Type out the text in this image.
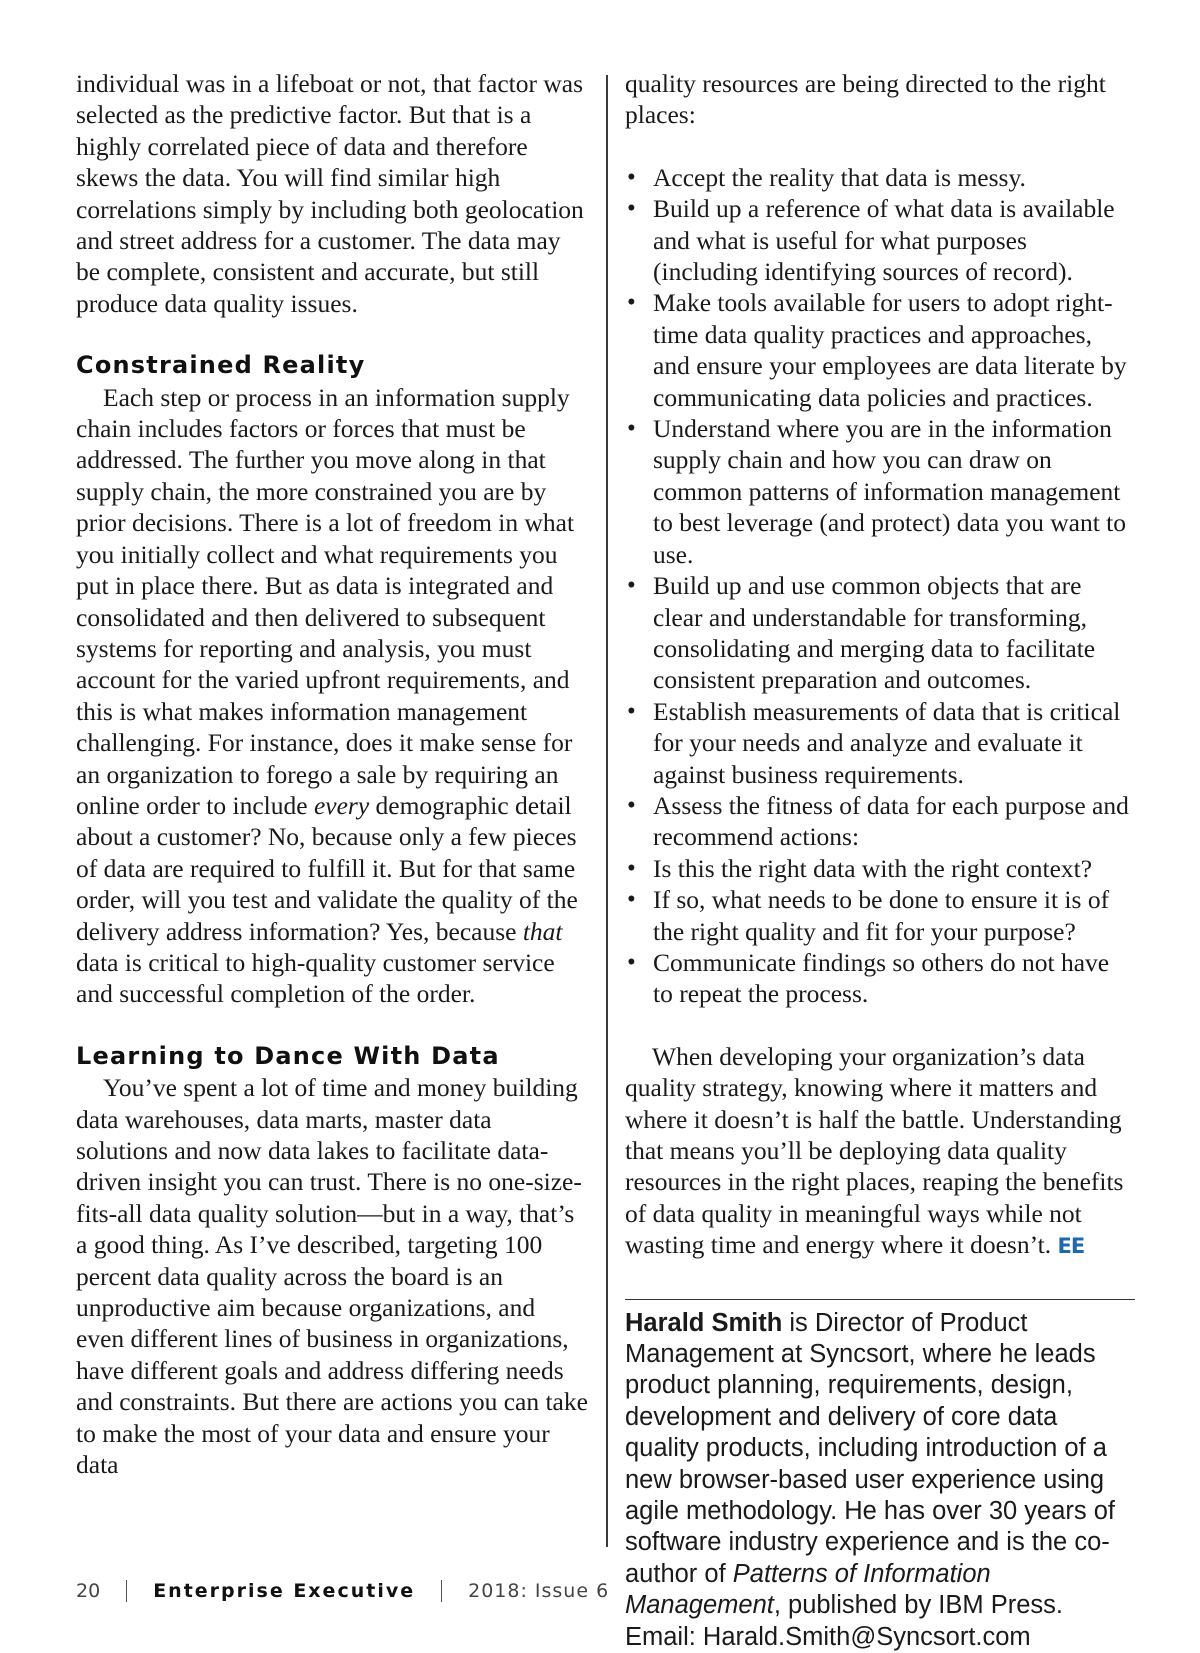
individual was in a lifeboat or not, that factor was selected as the predictive factor. But that is a highly correlated piece of data and therefore skews the data. You will find similar high correlations simply by including both geolocation and street address for a customer. The data may be complete, consistent and accurate, but still produce data quality issues.

Constrained Reality

Each step or process in an information supply chain includes factors or forces that must be addressed. The further you move along in that supply chain, the more constrained you are by prior decisions. There is a lot of freedom in what you initially collect and what requirements you put in place there. But as data is integrated and consolidated and then delivered to subsequent systems for reporting and analysis, you must account for the varied upfront requirements, and this is what makes information management challenging. For instance, does it make sense for an organization to forego a sale by requiring an online order to include every demographic detail about a customer? No, because only a few pieces of data are required to fulfill it. But for that same order, will you test and validate the quality of the delivery address information? Yes, because that data is critical to high-quality customer service and successful completion of the order.

Learning to Dance With Data

You’ve spent a lot of time and money building data warehouses, data marts, master data solutions and now data lakes to facilitate data-driven insight you can trust. There is no one-size-fits-all data quality solution—but in a way, that’s a good thing. As I’ve described, targeting 100 percent data quality across the board is an unproductive aim because organizations, and even different lines of business in organizations, have different goals and address differing needs and constraints. But there are actions you can take to make the most of your data and ensure your data

quality resources are being directed to the right places:

• Accept the reality that data is messy.
• Build up a reference of what data is available and what is useful for what purposes (including identifying sources of record).
• Make tools available for users to adopt right-time data quality practices and approaches, and ensure your employees are data literate by communicating data policies and practices.
• Understand where you are in the information supply chain and how you can draw on common patterns of information management to best leverage (and protect) data you want to use.
• Build up and use common objects that are clear and understandable for transforming, consolidating and merging data to facilitate consistent preparation and outcomes.
• Establish measurements of data that is critical for your needs and analyze and evaluate it against business requirements.
• Assess the fitness of data for each purpose and recommend actions:
• Is this the right data with the right context?
• If so, what needs to be done to ensure it is of the right quality and fit for your purpose?
• Communicate findings so others do not have to repeat the process.

When developing your organization’s data quality strategy, knowing where it matters and where it doesn’t is half the battle. Understanding that means you’ll be deploying data quality resources in the right places, reaping the benefits of data quality in meaningful ways while not wasting time and energy where it doesn’t. EE

Harald Smith is Director of Product Management at Syncsort, where he leads product planning, requirements, design, development and delivery of core data quality products, including introduction of a new browser-based user experience using agile methodology. He has over 30 years of software industry experience and is the co-author of Patterns of Information Management, published by IBM Press.
Email: Harald.Smith@Syncsort.com

20	Enterprise Executive	2018: Issue 6
